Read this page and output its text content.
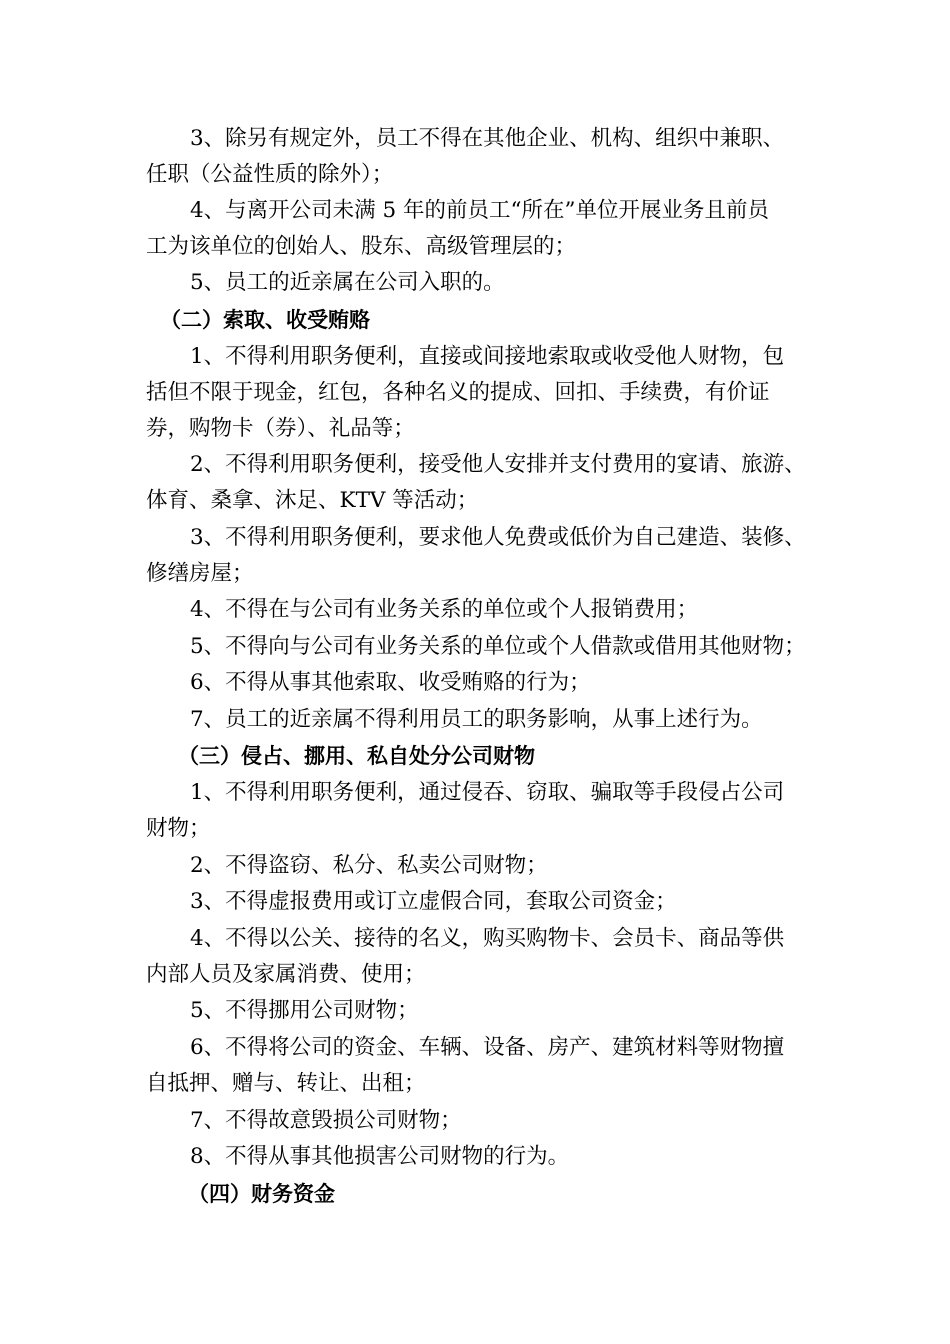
3、除另有规定外，员工不得在其他企业、机构、组织中兼职、
任职（公益性质的除外）；
4、与离开公司未满 5 年的前员工“所在”单位开展业务且前员
工为该单位的创始人、股东、高级管理层的；
5、员工的近亲属在公司入职的。
（二）索取、收受贿赂
1、不得利用职务便利，直接或间接地索取或收受他人财物，包
括但不限于现金，红包，各种名义的提成、回扣、手续费，有价证
券，购物卡（券）、礼品等；
2、不得利用职务便利，接受他人安排并支付费用的宴请、旅游、
体育、桑拿、沐足、KTV 等活动；
3、不得利用职务便利，要求他人免费或低价为自己建造、装修、
修缮房屋；
4、不得在与公司有业务关系的单位或个人报销费用；
5、不得向与公司有业务关系的单位或个人借款或借用其他财物；
6、不得从事其他索取、收受贿赂的行为；
7、员工的近亲属不得利用员工的职务影响，从事上述行为。
（三）侵占、挪用、私自处分公司财物
1、不得利用职务便利，通过侵吞、窃取、骗取等手段侵占公司
财物；
2、不得盗窃、私分、私卖公司财物；
3、不得虚报费用或订立虚假合同，套取公司资金；
4、不得以公关、接待的名义，购买购物卡、会员卡、商品等供
内部人员及家属消费、使用；
5、不得挪用公司财物；
6、不得将公司的资金、车辆、设备、房产、建筑材料等财物擅
自抵押、赠与、转让、出租；
7、不得故意毁损公司财物；
8、不得从事其他损害公司财物的行为。
（四）财务资金
